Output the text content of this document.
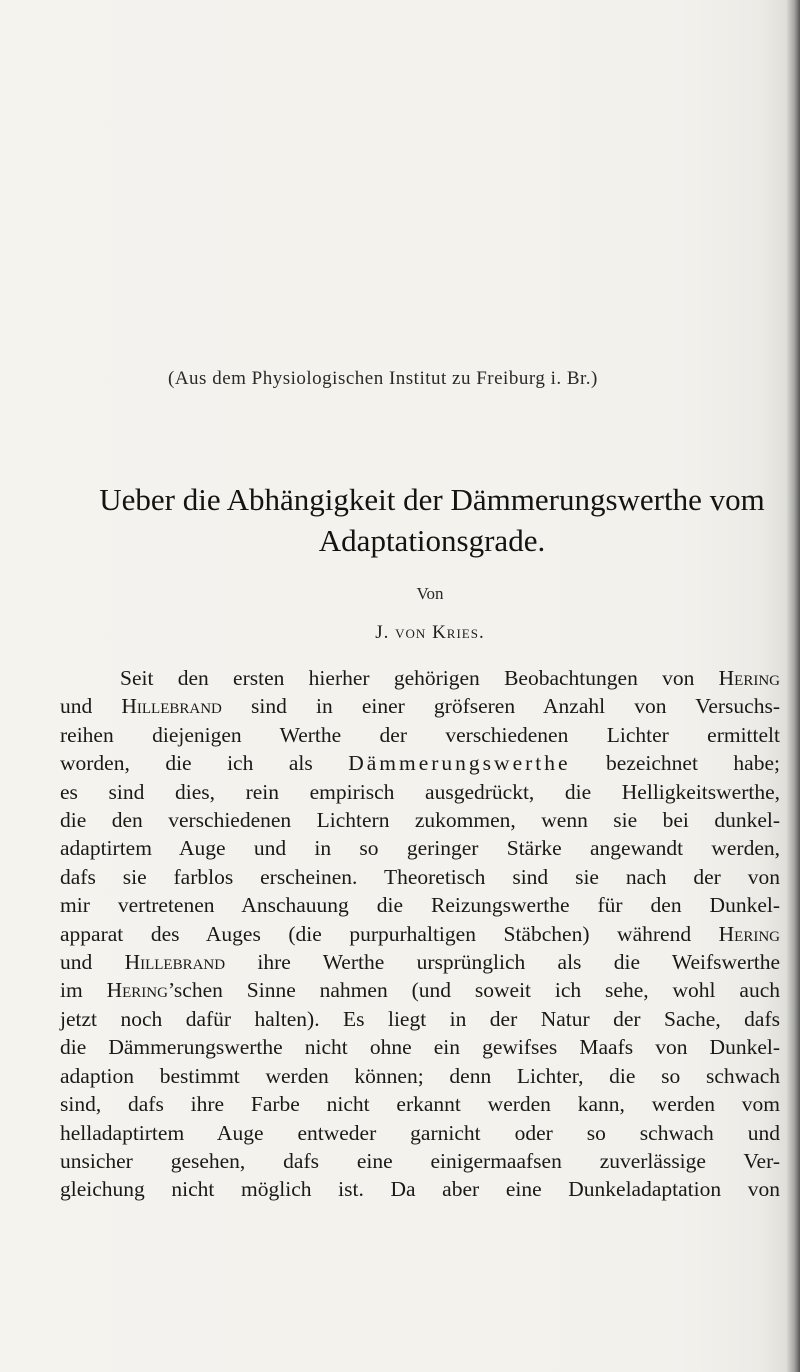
(Aus dem Physiologischen Institut zu Freiburg i. Br.)
Ueber die Abhängigkeit der Dämmerungswerthe vom
Adaptationsgrade.
Von
J. von Kries.
Seit den ersten hierher gehörigen Beobachtungen von Hering
und Hillebrand sind in einer gröfseren Anzahl von Versuchs-
reihen diejenigen Werthe der verschiedenen Lichter ermittelt
worden, die ich als Dämmerungswerthe bezeichnet habe;
es sind dies, rein empirisch ausgedrückt, die Helligkeitswerthe,
die den verschiedenen Lichtern zukommen, wenn sie bei dunkel-
adaptirtem Auge und in so geringer Stärke angewandt werden,
dafs sie farblos erscheinen. Theoretisch sind sie nach der von
mir vertretenen Anschauung die Reizungswerthe für den Dunkel-
apparat des Auges (die purpurhaltigen Stäbchen) während Hering
und Hillebrand ihre Werthe ursprünglich als die Weifswerthe
im Hering’schen Sinne nahmen (und soweit ich sehe, wohl auch
jetzt noch dafür halten). Es liegt in der Natur der Sache, dafs
die Dämmerungswerthe nicht ohne ein gewifses Maafs von Dunkel-
adaption bestimmt werden können; denn Lichter, die so schwach
sind, dafs ihre Farbe nicht erkannt werden kann, werden vom
helladaptirtem Auge entweder garnicht oder so schwach und
unsicher gesehen, dafs eine einigermaafsen zuverlässige Ver-
gleichung nicht möglich ist. Da aber eine Dunkeladaptation von
